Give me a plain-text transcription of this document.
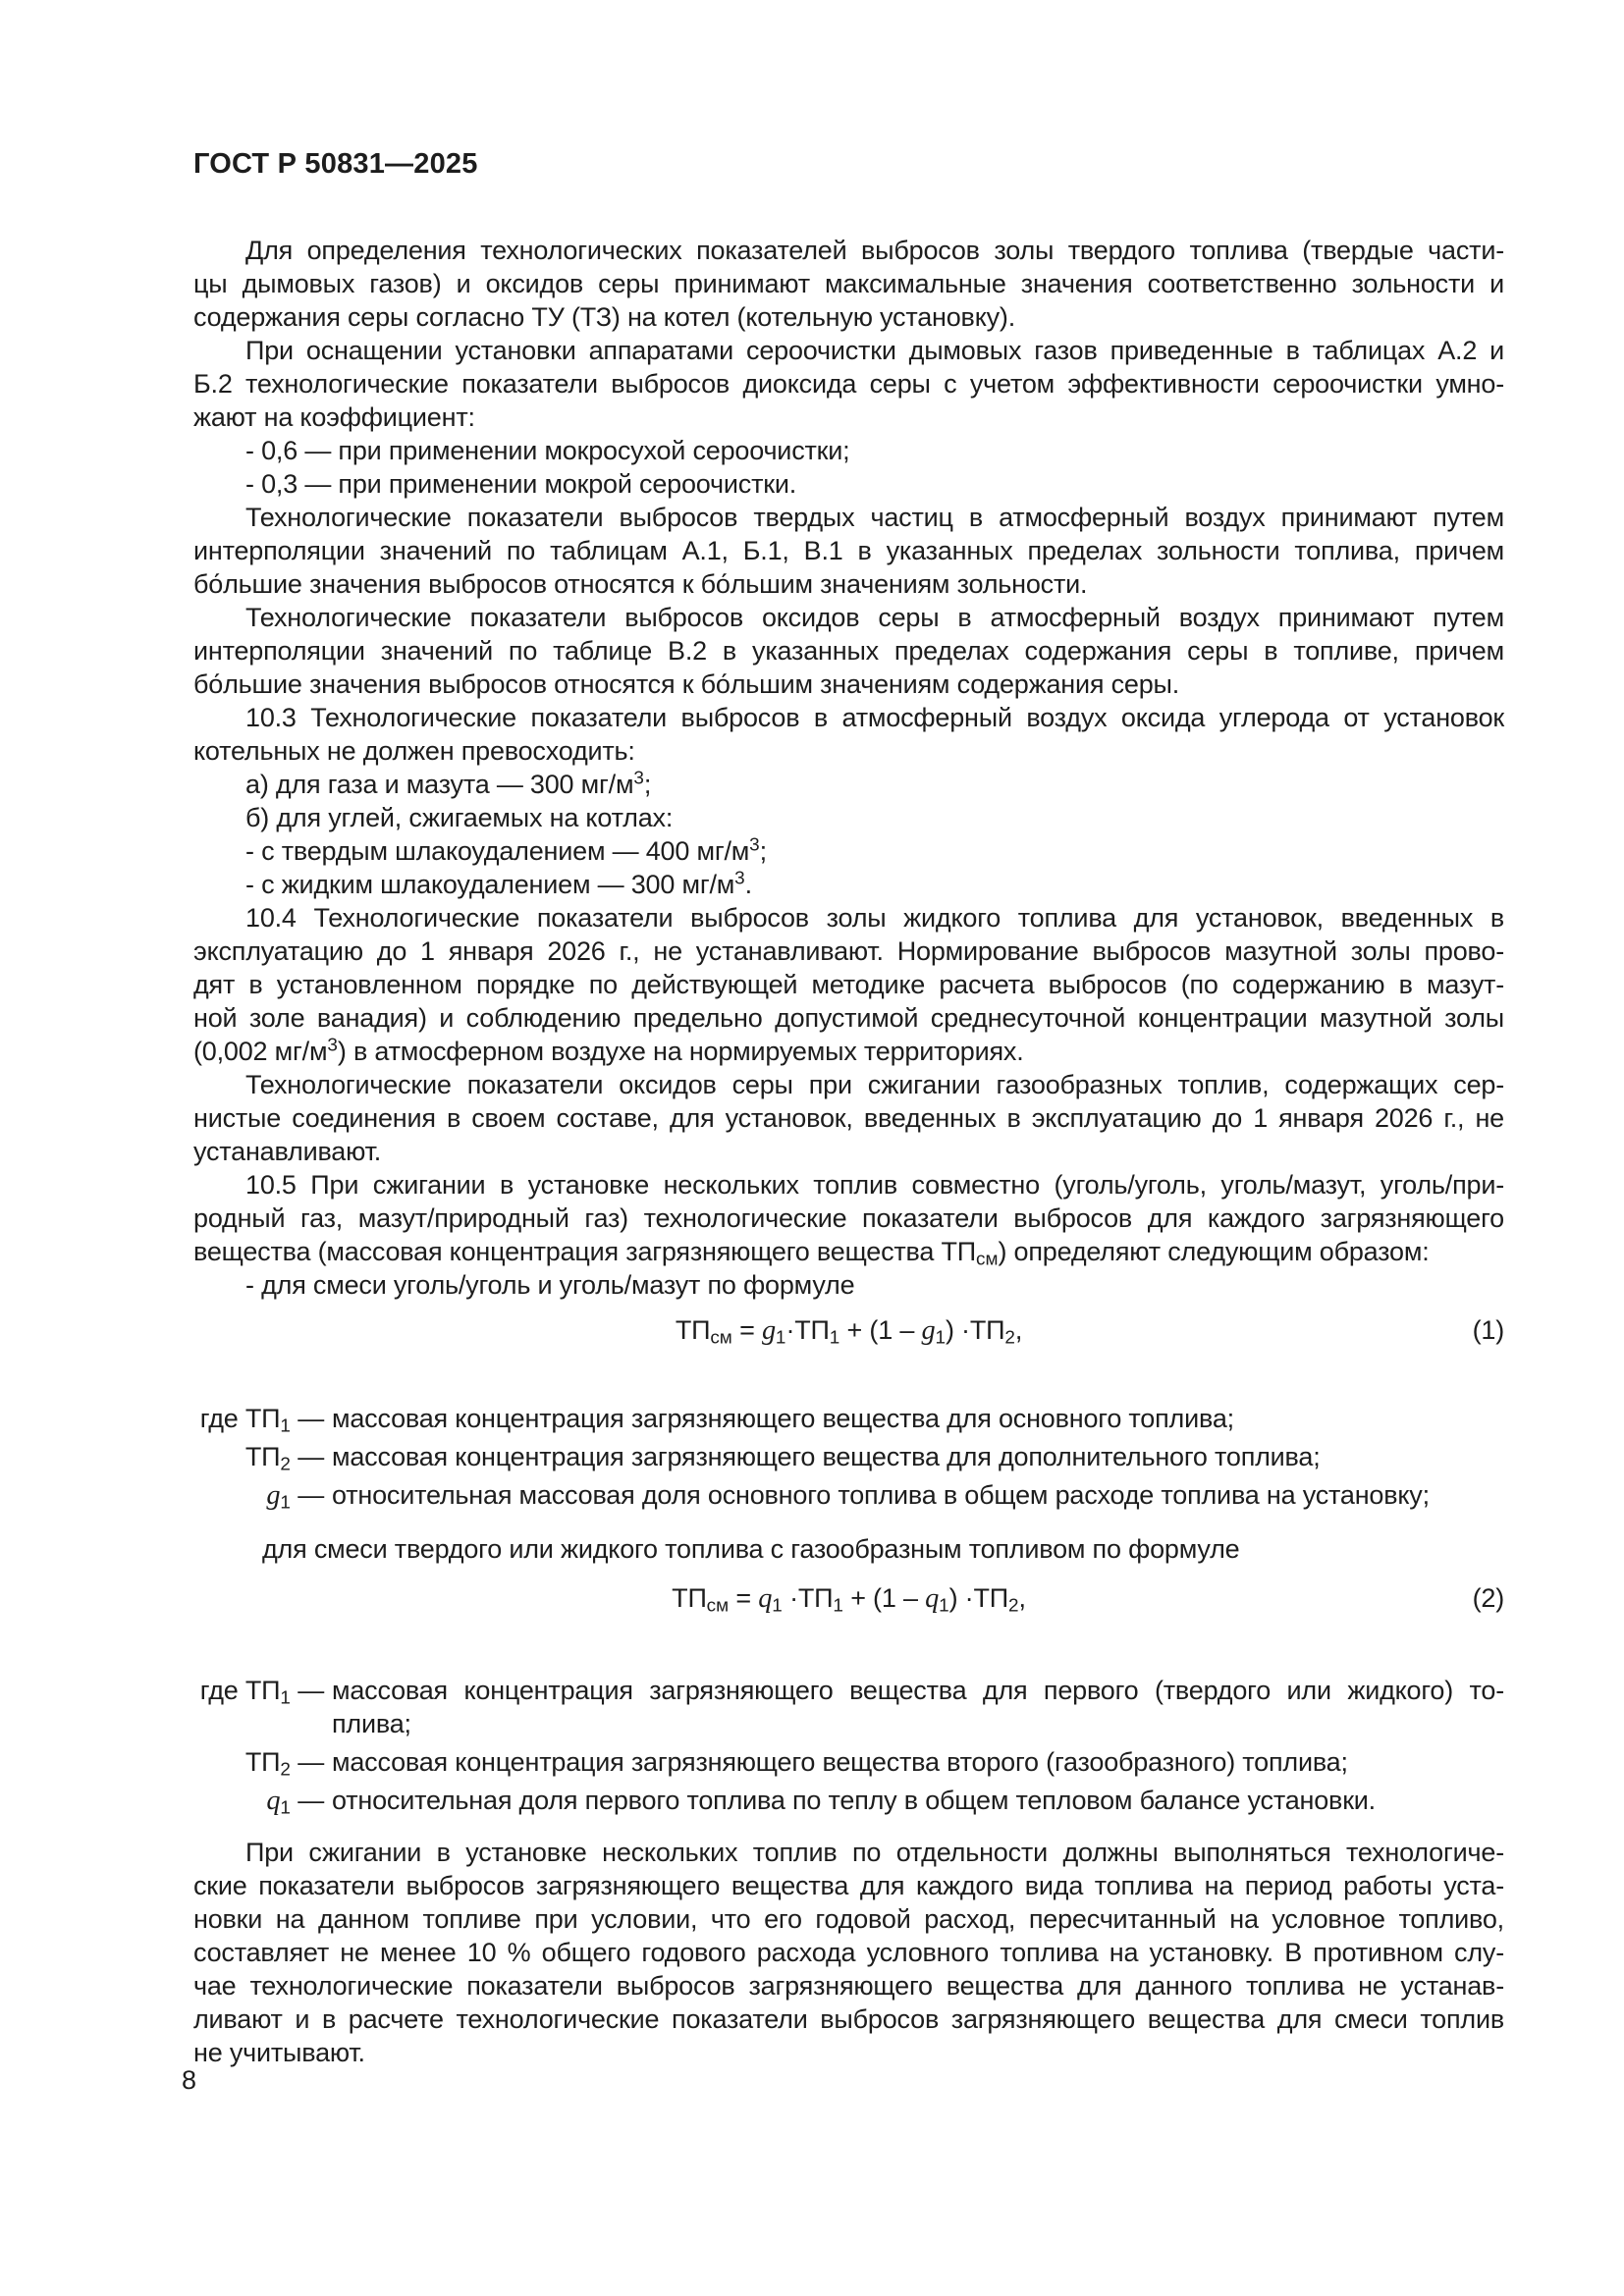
ГОСТ Р 50831—2025
Для определения технологических показателей выбросов золы твердого топлива (твердые части-
цы дымовых газов) и оксидов серы принимают максимальные значения соответственно зольности и
содержания серы согласно ТУ (ТЗ) на котел (котельную установку).
При оснащении установки аппаратами сероочистки дымовых газов приведенные в таблицах А.2 и
Б.2 технологические показатели выбросов диоксида серы с учетом эффективности сероочистки умно-
жают на коэффициент:
- 0,6 — при применении мокросухой сероочистки;
- 0,3 — при применении мокрой сероочистки.
Технологические показатели выбросов твердых частиц в атмосферный воздух принимают путем
интерполяции значений по таблицам А.1, Б.1, В.1 в указанных пределах зольности топлива, причем
бо́льшие значения выбросов относятся к бо́льшим значениям зольности.
Технологические показатели выбросов оксидов серы в атмосферный воздух принимают путем
интерполяции значений по таблице В.2 в указанных пределах содержания серы в топливе, причем
бо́льшие значения выбросов относятся к бо́льшим значениям содержания серы.
10.3 Технологические показатели выбросов в атмосферный воздух оксида углерода от установок
котельных не должен превосходить:
а) для газа и мазута — 300 $мг/м^3$;
б) для углей, сжигаемых на котлах:
- с твердым шлакоудалением — 400 $мг/м^3$;
- с жидким шлакоудалением — 300 $мг/м^3$.
10.4 Технологические показатели выбросов золы жидкого топлива для установок, введенных в
эксплуатацию до 1 января 2026 г., не устанавливают. Нормирование выбросов мазутной золы прово-
дят в установленном порядке по действующей методике расчета выбросов (по содержанию в мазут-
ной золе ванадия) и соблюдению предельно допустимой среднесуточной концентрации мазутной золы
(0,002 $мг/м^3$) в атмосферном воздухе на нормируемых территориях.
Технологические показатели оксидов серы при сжигании газообразных топлив, содержащих сер-
нистые соединения в своем составе, для установок, введенных в эксплуатацию до 1 января 2026 г., не
устанавливают.
10.5 При сжигании в установке нескольких топлив совместно (уголь/уголь, уголь/мазут, уголь/при-
родный газ, мазут/природный газ) технологические показатели выбросов для каждого загрязняющего
вещества (массовая концентрация загрязняющего вещества $ТП_{см}$) определяют следующим образом:
- для смеси уголь/уголь и уголь/мазут по формуле
$ТП_{см} = g_1\cdot ТП_1 + (1 - g_1) \cdot ТП_2$,	(1)
где $ТП_1$ — массовая концентрация загрязняющего вещества для основного топлива;
$ТП_2$ — массовая концентрация загрязняющего вещества для дополнительного топлива;
$g_1$ — относительная массовая доля основного топлива в общем расходе топлива на установку;
для смеси твердого или жидкого топлива с газообразным топливом по формуле
$ТП_{см} = q_1 \cdot ТП_1 + (1 - q_1) \cdot ТП_2$,	(2)
где $ТП_1$ — массовая концентрация загрязняющего вещества для первого (твердого или жидкого) то-
плива;
$ТП_2$ — массовая концентрация загрязняющего вещества второго (газообразного) топлива;
$q_1$ — относительная доля первого топлива по теплу в общем тепловом балансе установки.
При сжигании в установке нескольких топлив по отдельности должны выполняться технологиче-
ские показатели выбросов загрязняющего вещества для каждого вида топлива на период работы уста-
новки на данном топливе при условии, что его годовой расход, пересчитанный на условное топливо,
составляет не менее 10 % общего годового расхода условного топлива на установку. В противном слу-
чае технологические показатели выбросов загрязняющего вещества для данного топлива не устанав-
ливают и в расчете технологические показатели выбросов загрязняющего вещества для смеси топлив
не учитывают.
8
